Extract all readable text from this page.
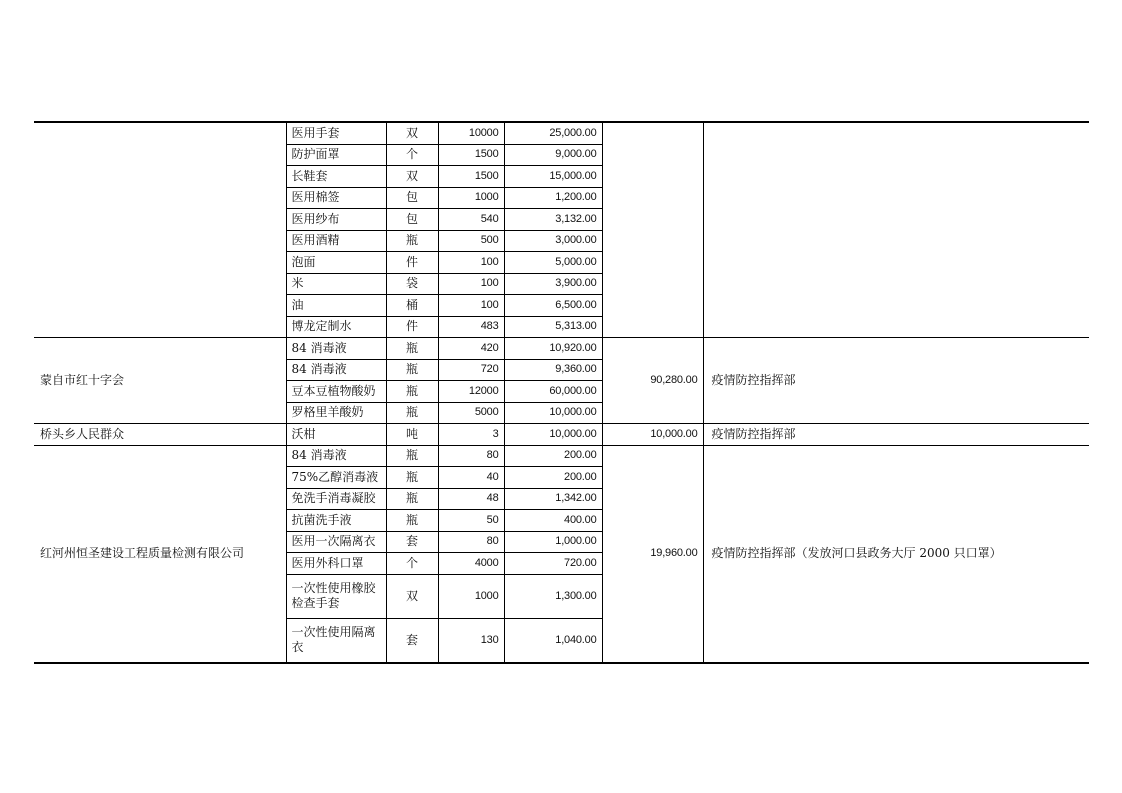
	医用手套	双	10000	25,000.00		
	防护面罩	个	1500	9,000.00		
	长鞋套	双	1500	15,000.00		
	医用棉签	包	1000	1,200.00		
	医用纱布	包	540	3,132.00		
	医用酒精	瓶	500	3,000.00		
	泡面	件	100	5,000.00		
	米	袋	100	3,900.00		
	油	桶	100	6,500.00		
	博龙定制水	件	483	5,313.00		
蒙自市红十字会	84 消毒液	瓶	420	10,920.00	90,280.00	疫情防控指挥部
	84 消毒液	瓶	720	9,360.00		
	豆本豆植物酸奶	瓶	12000	60,000.00		
	罗格里羊酸奶	瓶	5000	10,000.00		
桥头乡人民群众	沃柑	吨	3	10,000.00	10,000.00	疫情防控指挥部
红河州恒圣建设工程质量检测有限公司	84 消毒液	瓶	80	200.00	19,960.00	疫情防控指挥部（发放河口县政务大厅 2000 只口罩）
	75%乙醇消毒液	瓶	40	200.00		
	免洗手消毒凝胶	瓶	48	1,342.00		
	抗菌洗手液	瓶	50	400.00		
	医用一次隔离衣	套	80	1,000.00		
	医用外科口罩	个	4000	720.00		
	一次性使用橡胶检查手套	双	1000	1,300.00		
	一次性使用隔离衣	套	130	1,040.00		
